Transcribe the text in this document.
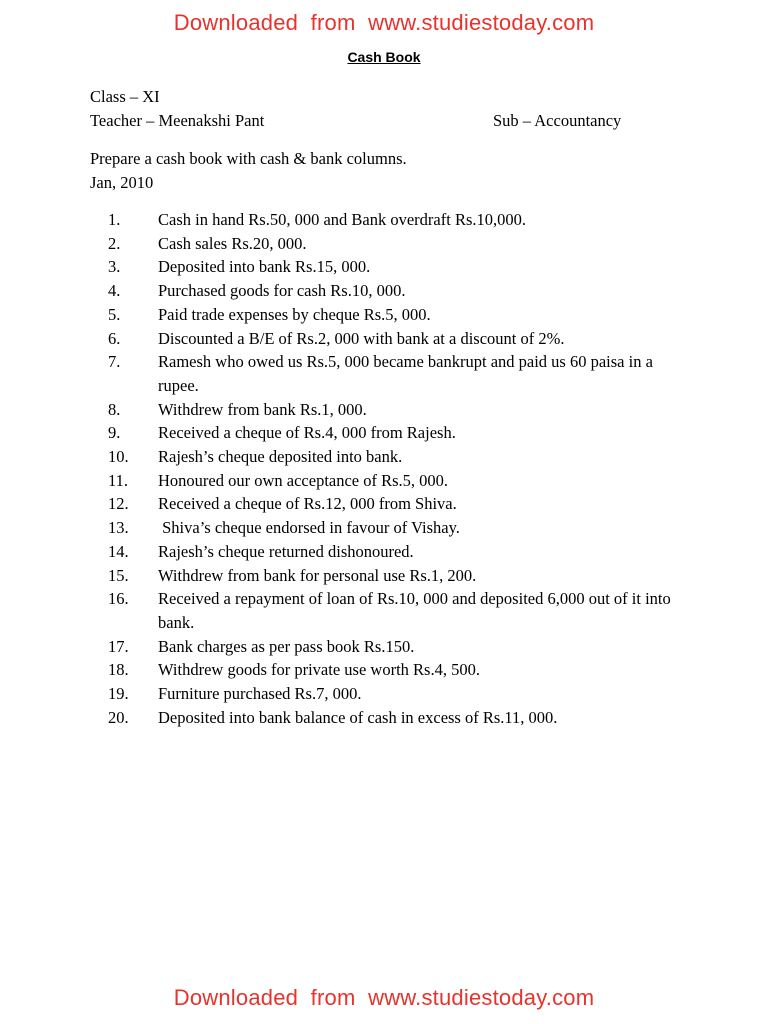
Downloaded  from  www.studiestoday.com
Cash Book
Class – XI
Teacher – Meenakshi Pant	Sub – Accountancy
Prepare a cash book with cash & bank columns.
Jan, 2010
1.	Cash in hand Rs.50, 000 and Bank overdraft Rs.10,000.
2.	Cash sales Rs.20, 000.
3.	Deposited into bank Rs.15, 000.
4.	Purchased goods for cash Rs.10, 000.
5.	Paid trade expenses by cheque Rs.5, 000.
6.	Discounted a B/E of Rs.2, 000 with bank at a discount of 2%.
7.	Ramesh who owed us Rs.5, 000 became bankrupt and paid us 60 paisa in a rupee.
8.	Withdrew from bank Rs.1, 000.
9.	Received a cheque of Rs.4, 000 from Rajesh.
10.	Rajesh’s cheque deposited into bank.
11.	Honoured our own acceptance of Rs.5, 000.
12.	Received a cheque of Rs.12, 000 from Shiva.
13.	Shiva’s cheque endorsed in favour of Vishay.
14.	Rajesh’s cheque returned dishonoured.
15.	Withdrew from bank for personal use Rs.1, 200.
16.	Received a repayment of loan of Rs.10, 000 and deposited 6,000 out of it into bank.
17.	Bank charges as per pass book Rs.150.
18.	Withdrew goods for private use worth Rs.4, 500.
19.	Furniture purchased Rs.7, 000.
20.	Deposited into bank balance of cash in excess of Rs.11, 000.
Downloaded  from  www.studiestoday.com
